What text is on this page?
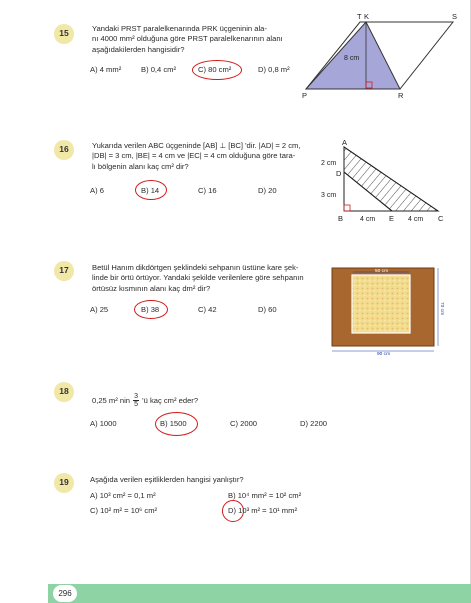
15	Yandaki PRST paralelkenarında PRK üçgeninin ala-
nı 4000 mm² olduğuna göre PRST paralelkenarının alanı
aşağıdakilerden hangisidir?
A) 4 mm²	B) 0,4 cm²	C) 80 cm²	D) 0,8 m²
T K	S
P	R
8 cm
16	Yukarıda verilen ABC üçgeninde [AB] ⊥ [BC] 'dir. |AD| = 2 cm,
|DB| = 3 cm, |BE| = 4 cm ve |EC| = 4 cm olduğuna göre tara-
lı bölgenin alanı kaç cm² dir?
A) 6	B) 14	C) 16	D) 20
A
2 cm
D
3 cm
B	E	C
4 cm	4 cm
17	Betül Hanım dikdörtgen şeklindeki sehpanın üstüne kare şek-
linde bir örtü örtüyor. Yandaki şekilde verilenlere göre sehpanın
örtüsüz kısmının alanı kaç dm² dir?
A) 25	B) 38	C) 42	D) 60
50 cm
70 cm
90 cm
18
0,25 m² nin $\frac{3}{5}$ 'ü kaç cm² eder?
A) 1000	B) 1500	C) 2000	D) 2200
19	Aşağıda verilen eşitliklerden hangisi yanlıştır?
A) 10³ cm² = 0,1 m²	B) 10⁴ mm² = 10² cm²
C) 10² m² = 10⁶ cm²	D) 10³ m² = 10¹ mm²
296
